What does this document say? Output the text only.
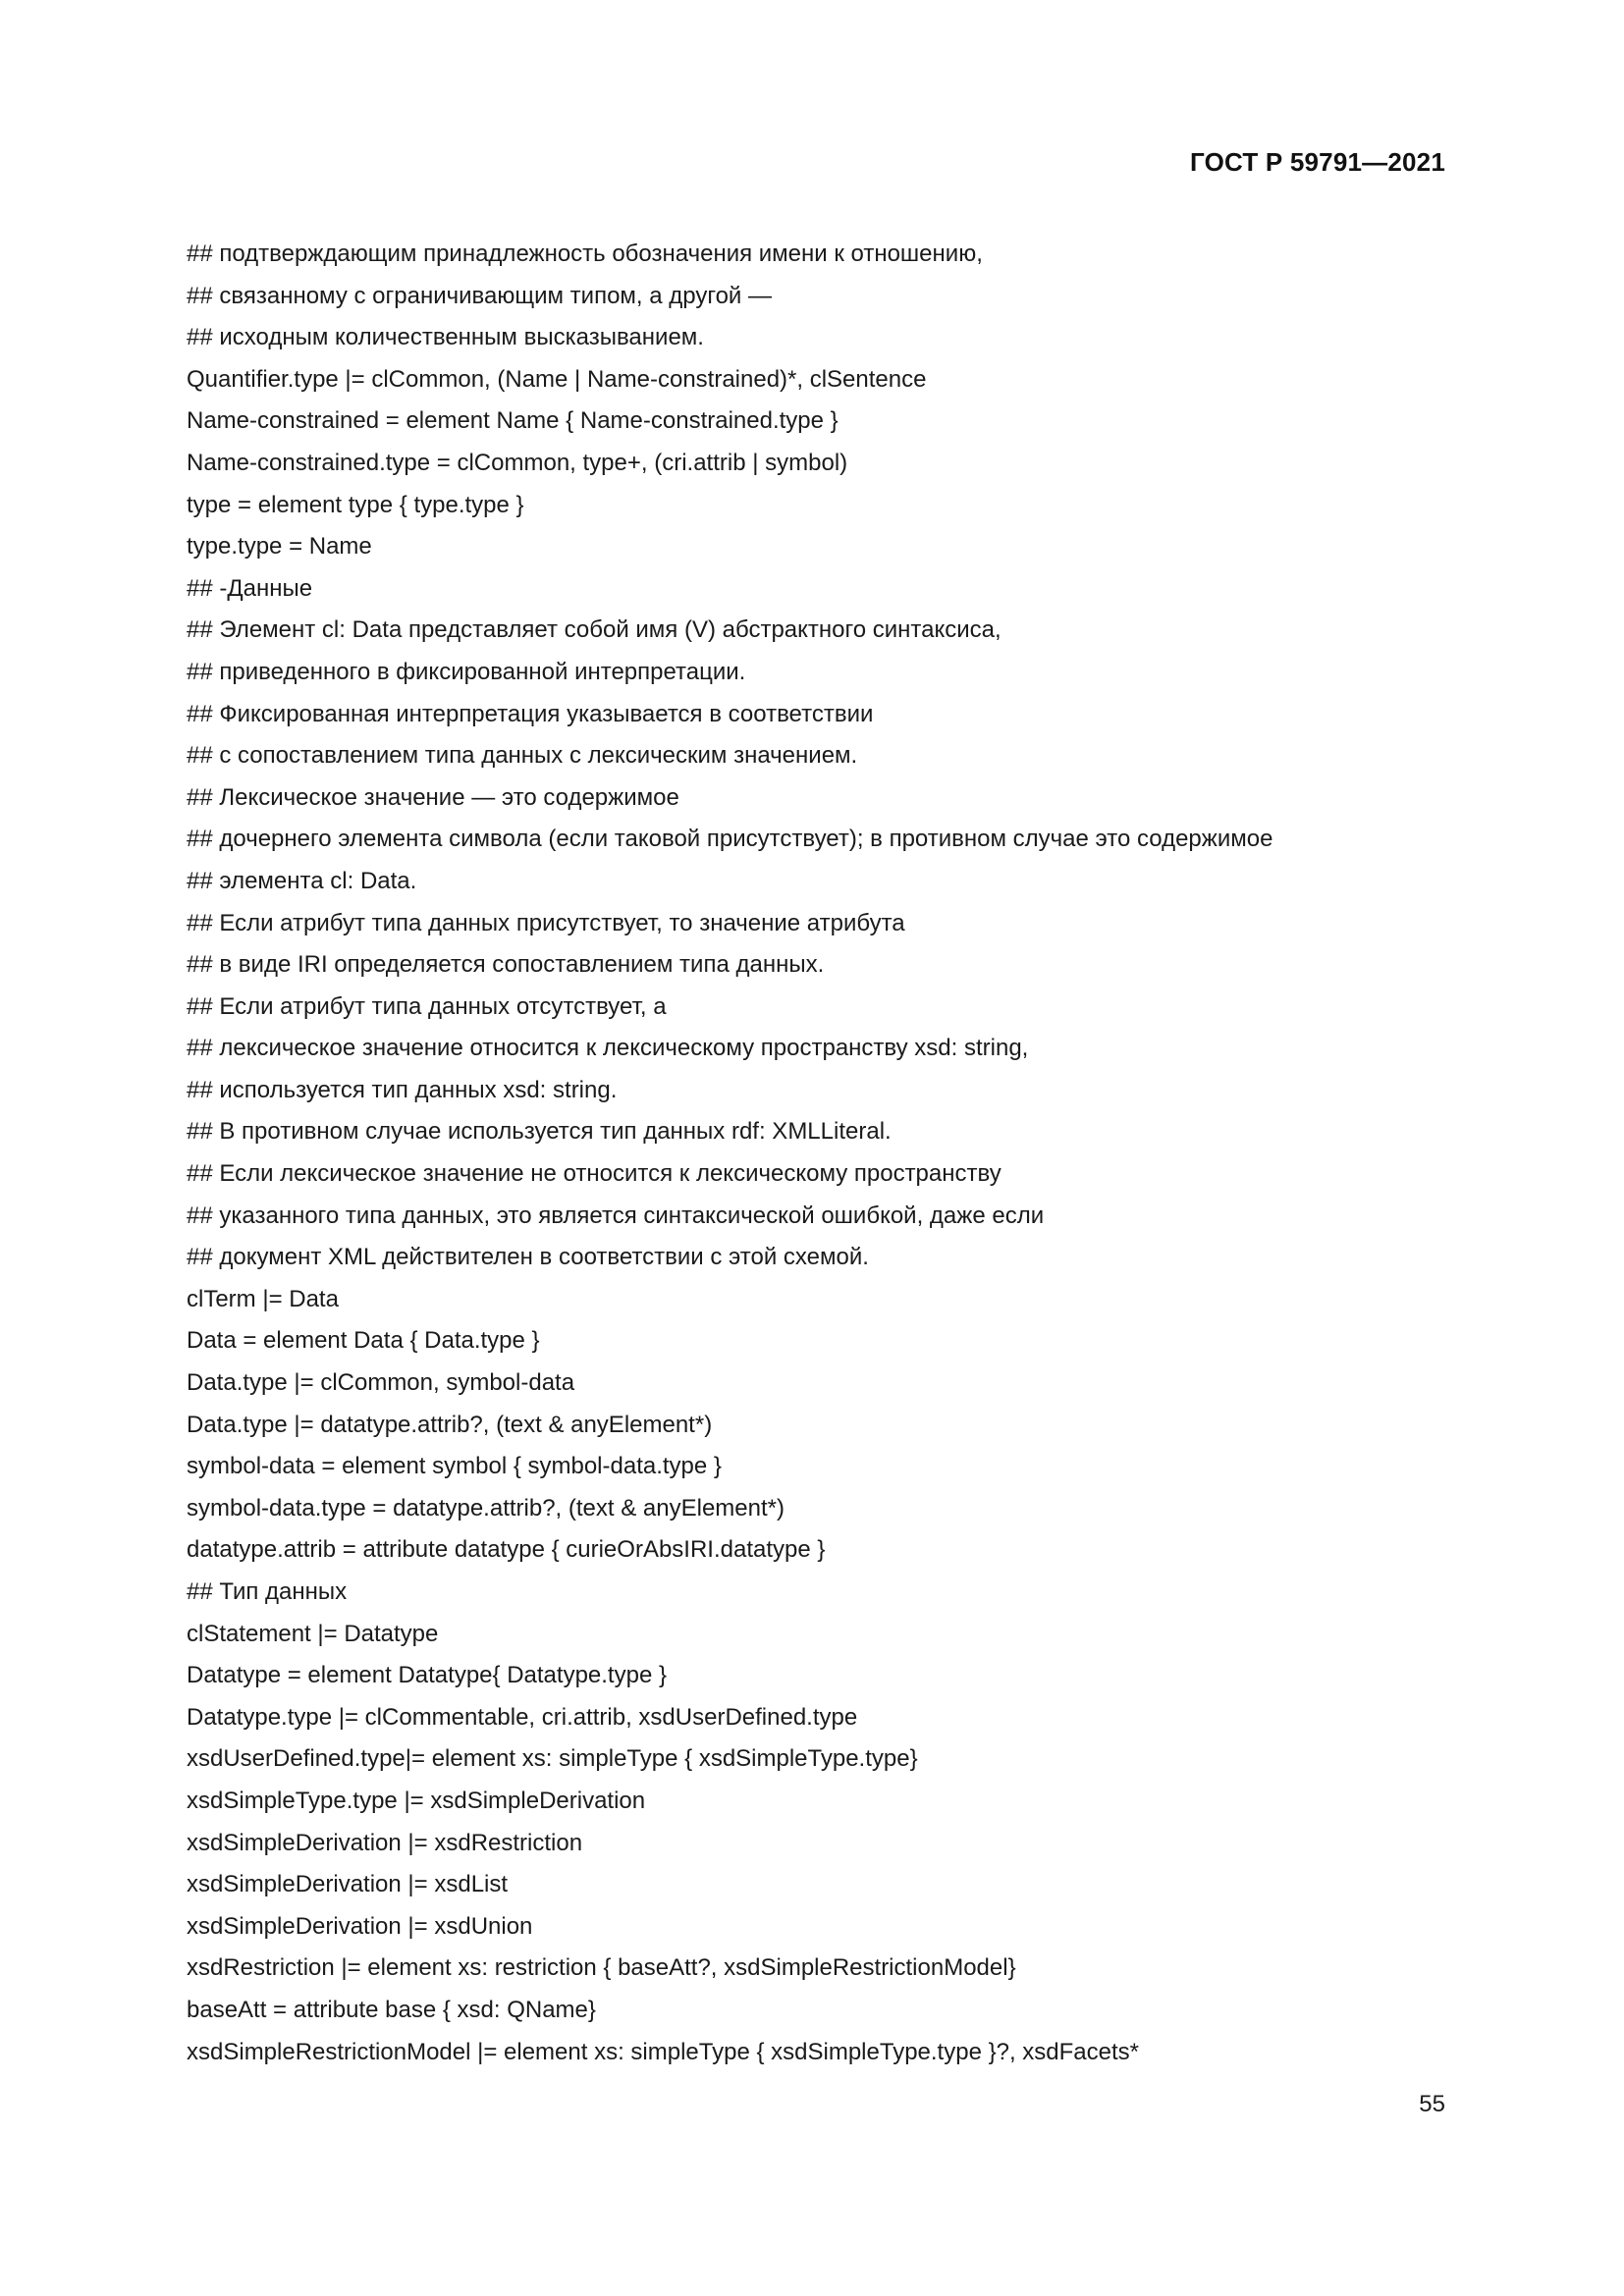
ГОСТ Р 59791—2021
## подтверждающим принадлежность обозначения имени к отношению,
## связанному с ограничивающим типом, а другой —
## исходным количественным высказыванием.
Quantifier.type |= clCommon, (Name | Name-constrained)*, clSentence
Name-constrained = element Name { Name-constrained.type }
Name-constrained.type = clCommon, type+, (cri.attrib | symbol)
type = element type { type.type }
type.type = Name
## -Данные
## Элемент cl: Data представляет собой имя (V) абстрактного синтаксиса,
## приведенного в фиксированной интерпретации.
## Фиксированная интерпретация указывается в соответствии
## с сопоставлением типа данных с лексическим значением.
## Лексическое значение — это содержимое
## дочернего элемента символа (если таковой присутствует); в противном случае это содержимое
## элемента cl: Data.
## Если атрибут типа данных присутствует, то значение атрибута
## в виде IRI определяется сопоставлением типа данных.
## Если атрибут типа данных отсутствует, а
## лексическое значение относится к лексическому пространству xsd: string,
## используется тип данных xsd: string.
## В противном случае используется тип данных rdf: XMLLiteral.
## Если лексическое значение не относится к лексическому пространству
## указанного типа данных, это является синтаксической ошибкой, даже если
## документ XML действителен в соответствии с этой схемой.
clTerm |= Data
Data = element Data { Data.type }
Data.type |= clCommon, symbol-data
Data.type |= datatype.attrib?, (text & anyElement*)
symbol-data = element symbol { symbol-data.type }
symbol-data.type = datatype.attrib?, (text & anyElement*)
datatype.attrib = attribute datatype { curieOrAbsIRI.datatype }
## Тип данных
clStatement |= Datatype
Datatype = element Datatype{ Datatype.type }
Datatype.type |= clCommentable, cri.attrib, xsdUserDefined.type
xsdUserDefined.type|= element xs: simpleType { xsdSimpleType.type}
xsdSimpleType.type |= xsdSimpleDerivation
xsdSimpleDerivation |= xsdRestriction
xsdSimpleDerivation |= xsdList
xsdSimpleDerivation |= xsdUnion
xsdRestriction |= element xs: restriction { baseAtt?, xsdSimpleRestrictionModel}
baseAtt = attribute base { xsd: QName}
xsdSimpleRestrictionModel |= element xs: simpleType { xsdSimpleType.type }?, xsdFacets*
55
